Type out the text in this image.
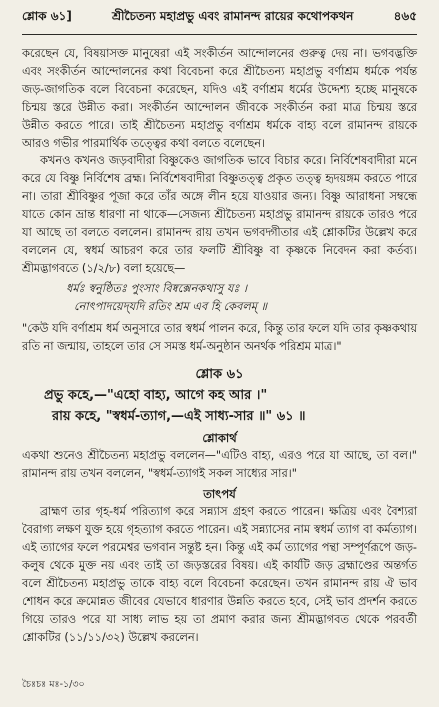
শ্লোক ৬১]	শ্রীচৈতন্য মহাপ্রভু এবং রামানন্দ রায়ের কথোপকথন	৪৬৫

করেছেন যে, বিষয়াসক্ত মানুষেরা এই সংকীর্তন আন্দোলনের গুরুত্ব দেয় না। ভগবদ্ভক্তি এবং সংকীর্তন আন্দোলনের কথা বিবেচনা করে শ্রীচৈতন্য মহাপ্রভু বর্ণাশ্রম ধর্মকে পর্যন্ত জড়-জাগতিক বলে বিবেচনা করেছেন, যদিও এই বর্ণাশ্রম ধর্মের উদ্দেশ্য হচ্ছে মানুষকে চিন্ময় স্তরে উন্নীত করা। সংকীর্তন আন্দোলন জীবকে সংকীর্তন করা মাত্র চিন্ময় স্তরে উন্নীত করতে পারে। তাই শ্রীচৈতন্য মহাপ্রভু বর্ণাশ্রম ধর্মকে বাহ্য বলে রামানন্দ রায়কে আরও গভীর পারমার্থিক তত্ত্বের কথা বলতে বলেছেন।

কখনও কখনও জড়বাদীরা বিষ্ণুকেও জাগতিক ভাবে বিচার করে। নির্বিশেষবাদীরা মনে করে যে বিষ্ণু নির্বিশেষ ব্রহ্ম। নির্বিশেষবাদীরা বিষ্ণুতত্ত্ব প্রকৃত তত্ত্ব হৃদয়ঙ্গম করতে পারে না। তারা শ্রীবিষ্ণুর পূজা করে তাঁর অঙ্গে লীন হয়ে যাওয়ার জন্য। বিষ্ণু আরাধনা সম্বন্ধে যাতে কোন ভ্রান্ত ধারণা না থাকে—সেজন্য শ্রীচৈতন্য মহাপ্রভু রামানন্দ রায়কে তারও পরে যা আছে তা বলতে বললেন। রামানন্দ রায় তখন ভগবদ্গীতার এই শ্লোকটির উল্লেখ করে বললেন যে, স্বধর্ম আচরণ করে তার ফলটি শ্রীবিষ্ণু বা কৃষ্ণকে নিবেদন করা কর্তব্য। শ্রীমদ্ভাগবতে (১/২/৮) বলা হয়েছে—

ধর্মঃ স্বনুষ্ঠিতঃ পুংসাং বিষ্বক্সেনকথাসু যঃ ।
নোৎপাদয়েদ্‌যদি রতিং শ্রম এব হি কেবলম্ ॥

"কেউ যদি বর্ণাশ্রম ধর্ম অনুসারে তার স্বধর্ম পালন করে, কিন্তু তার ফলে যদি তার কৃষ্ণকথায় রতি না জন্মায়, তাহলে তার সে সমস্ত ধর্ম-অনুষ্ঠান অনর্থক পরিশ্রম মাত্র।"

শ্লোক ৬১
প্রভু কহে,—"এহো বাহ্য, আগে কহ আর ।"
রায় কহে, "স্বধর্ম-ত্যাগ,—এই সাধ্য-সার ॥" ৬১ ॥
শ্লোকার্থ

একথা শুনেও শ্রীচৈতন্য মহাপ্রভু বললেন—"এটিও বাহ্য, এরও পরে যা আছে, তা বল।" রামানন্দ রায় তখন বললেন, "স্বধর্ম-ত্যাগই সকল সাধ্যের সার।"

তাৎপর্য

ব্রাহ্মণ তার গৃহ-ধর্ম পরিত্যাগ করে সন্ন্যাস গ্রহণ করতে পারেন। ক্ষত্রিয় এবং বৈশ্যরা বৈরাগ্য লক্ষণ যুক্ত হয়ে গৃহত্যাগ করতে পারেন। এই সন্ন্যাসের নাম স্বধর্ম ত্যাগ বা কর্মত্যাগ। এই ত্যাগের ফলে পরমেশ্বর ভগবান সন্তুষ্ট হন। কিন্তু এই কর্ম ত্যাগের পন্থা সম্পূর্ণরূপে জড়-কলুষ থেকে মুক্ত নয় এবং তাই তা জড়স্তরের বিষয়। এই কার্যটি জড় ব্রহ্মাণ্ডের অন্তর্গত বলে শ্রীচৈতন্য মহাপ্রভু তাকে বাহ্য বলে বিবেচনা করেছেন। তখন রামানন্দ রায় ঐ ভাব শোধন করে ক্রমোন্নত জীবের যেভাবে ধারণার উন্নতি করতে হবে, সেই ভাব প্রদর্শন করতে গিয়ে তারও পরে যা সাধ্য লাভ হয় তা প্রমাণ করার জন্য শ্রীমদ্ভাগবত থেকে পরবর্তী শ্লোকটির (১১/১১/৩২) উল্লেখ করলেন।

চৈঃচঃ মঃ-১/৩০
